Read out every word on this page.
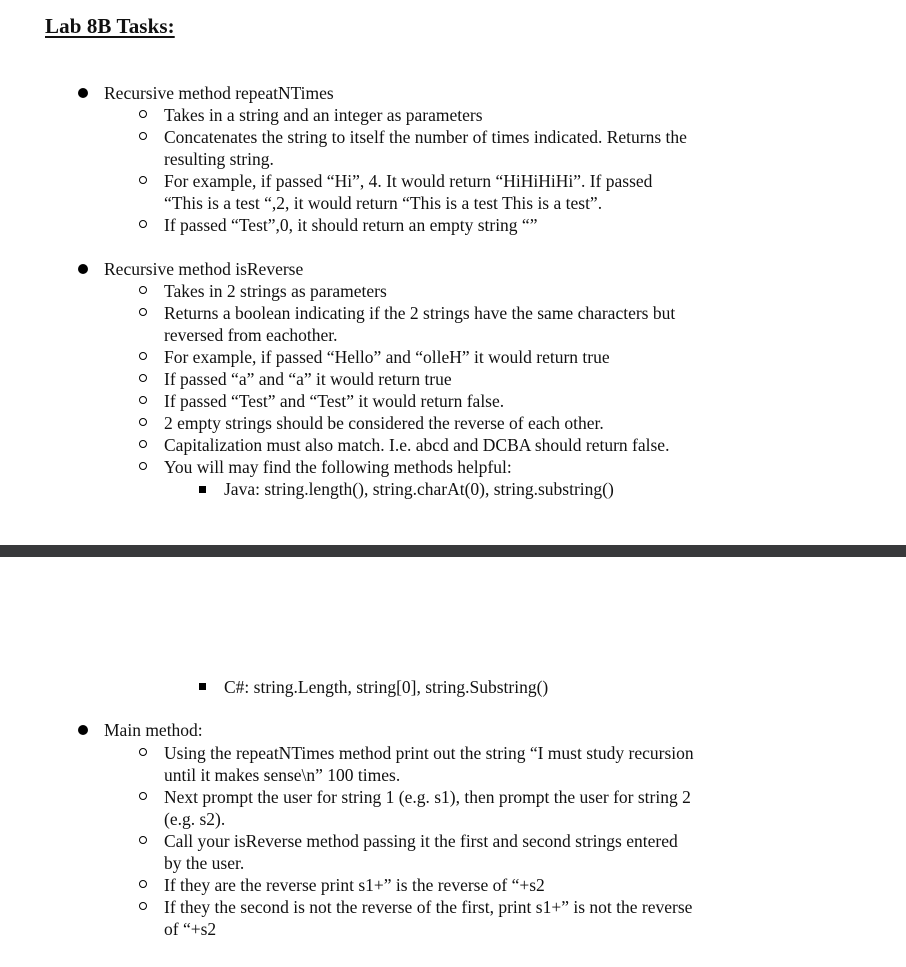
Lab 8B Tasks:
Recursive method repeatNTimes
Takes in a string and an integer as parameters
Concatenates the string to itself the number of times indicated. Returns the
resulting string.
For example, if passed “Hi”, 4. It would return “HiHiHiHi”. If passed
“This is a test “,2, it would return “This is a test This is a test”.
If passed “Test”,0, it should return an empty string “”
Recursive method isReverse
Takes in 2 strings as parameters
Returns a boolean indicating if the 2 strings have the same characters but
reversed from eachother.
For example, if passed “Hello” and “olleH” it would return true
If passed “a” and “a” it would return true
If passed “Test” and “Test” it would return false.
2 empty strings should be considered the reverse of each other.
Capitalization must also match. I.e. abcd and DCBA should return false.
You will may find the following methods helpful:
Java: string.length(), string.charAt(0), string.substring()
C#: string.Length, string[0], string.Substring()
Main method:
Using the repeatNTimes method print out the string “I must study recursion
until it makes sense\n” 100 times.
Next prompt the user for string 1 (e.g. s1), then prompt the user for string 2
(e.g. s2).
Call your isReverse method passing it the first and second strings entered
by the user.
If they are the reverse print s1+” is the reverse of “+s2
If they the second is not the reverse of the first, print s1+” is not the reverse
of “+s2
